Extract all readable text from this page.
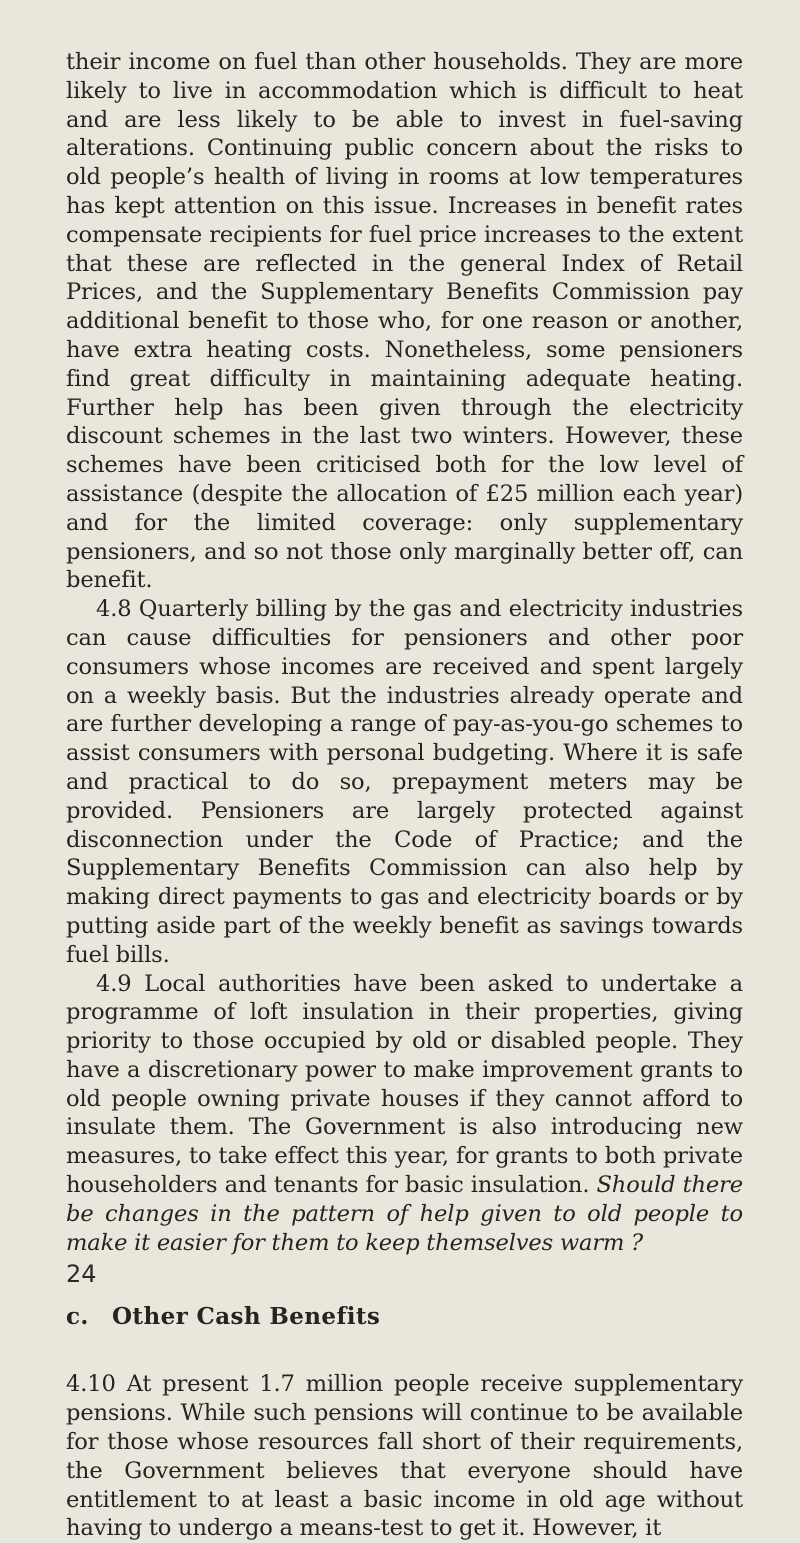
their income on fuel than other households. They are more likely to live in accommodation which is difficult to heat and are less likely to be able to invest in fuel-saving alterations. Continuing public concern about the risks to old people’s health of living in rooms at low temperatures has kept attention on this issue. Increases in benefit rates compensate recipients for fuel price increases to the extent that these are reflected in the general Index of Retail Prices, and the Supplementary Benefits Commission pay additional benefit to those who, for one reason or another, have extra heating costs. Nonetheless, some pensioners find great difficulty in maintaining adequate heating. Further help has been given through the electricity discount schemes in the last two winters. However, these schemes have been criticised both for the low level of assistance (despite the allocation of £25 million each year) and for the limited coverage: only supplementary pensioners, and so not those only marginally better off, can benefit.

4.8 Quarterly billing by the gas and electricity industries can cause difficulties for pensioners and other poor consumers whose incomes are received and spent largely on a weekly basis. But the industries already operate and are further developing a range of pay-as-you-go schemes to assist consumers with personal budgeting. Where it is safe and practical to do so, prepayment meters may be provided. Pensioners are largely protected against disconnection under the Code of Practice; and the Supplementary Benefits Commission can also help by making direct payments to gas and electricity boards or by putting aside part of the weekly benefit as savings towards fuel bills.

4.9 Local authorities have been asked to undertake a programme of loft insulation in their properties, giving priority to those occupied by old or disabled people. They have a discretionary power to make improvement grants to old people owning private houses if they cannot afford to insulate them. The Government is also introducing new measures, to take effect this year, for grants to both private householders and tenants for basic insulation. Should there be changes in the pattern of help given to old people to make it easier for them to keep themselves warm ?

c. Other Cash Benefits

4.10 At present 1.7 million people receive supplementary pensions. While such pensions will continue to be available for those whose resources fall short of their requirements, the Government believes that everyone should have entitlement to at least a basic income in old age without having to undergo a means-test to get it. However, it

24
